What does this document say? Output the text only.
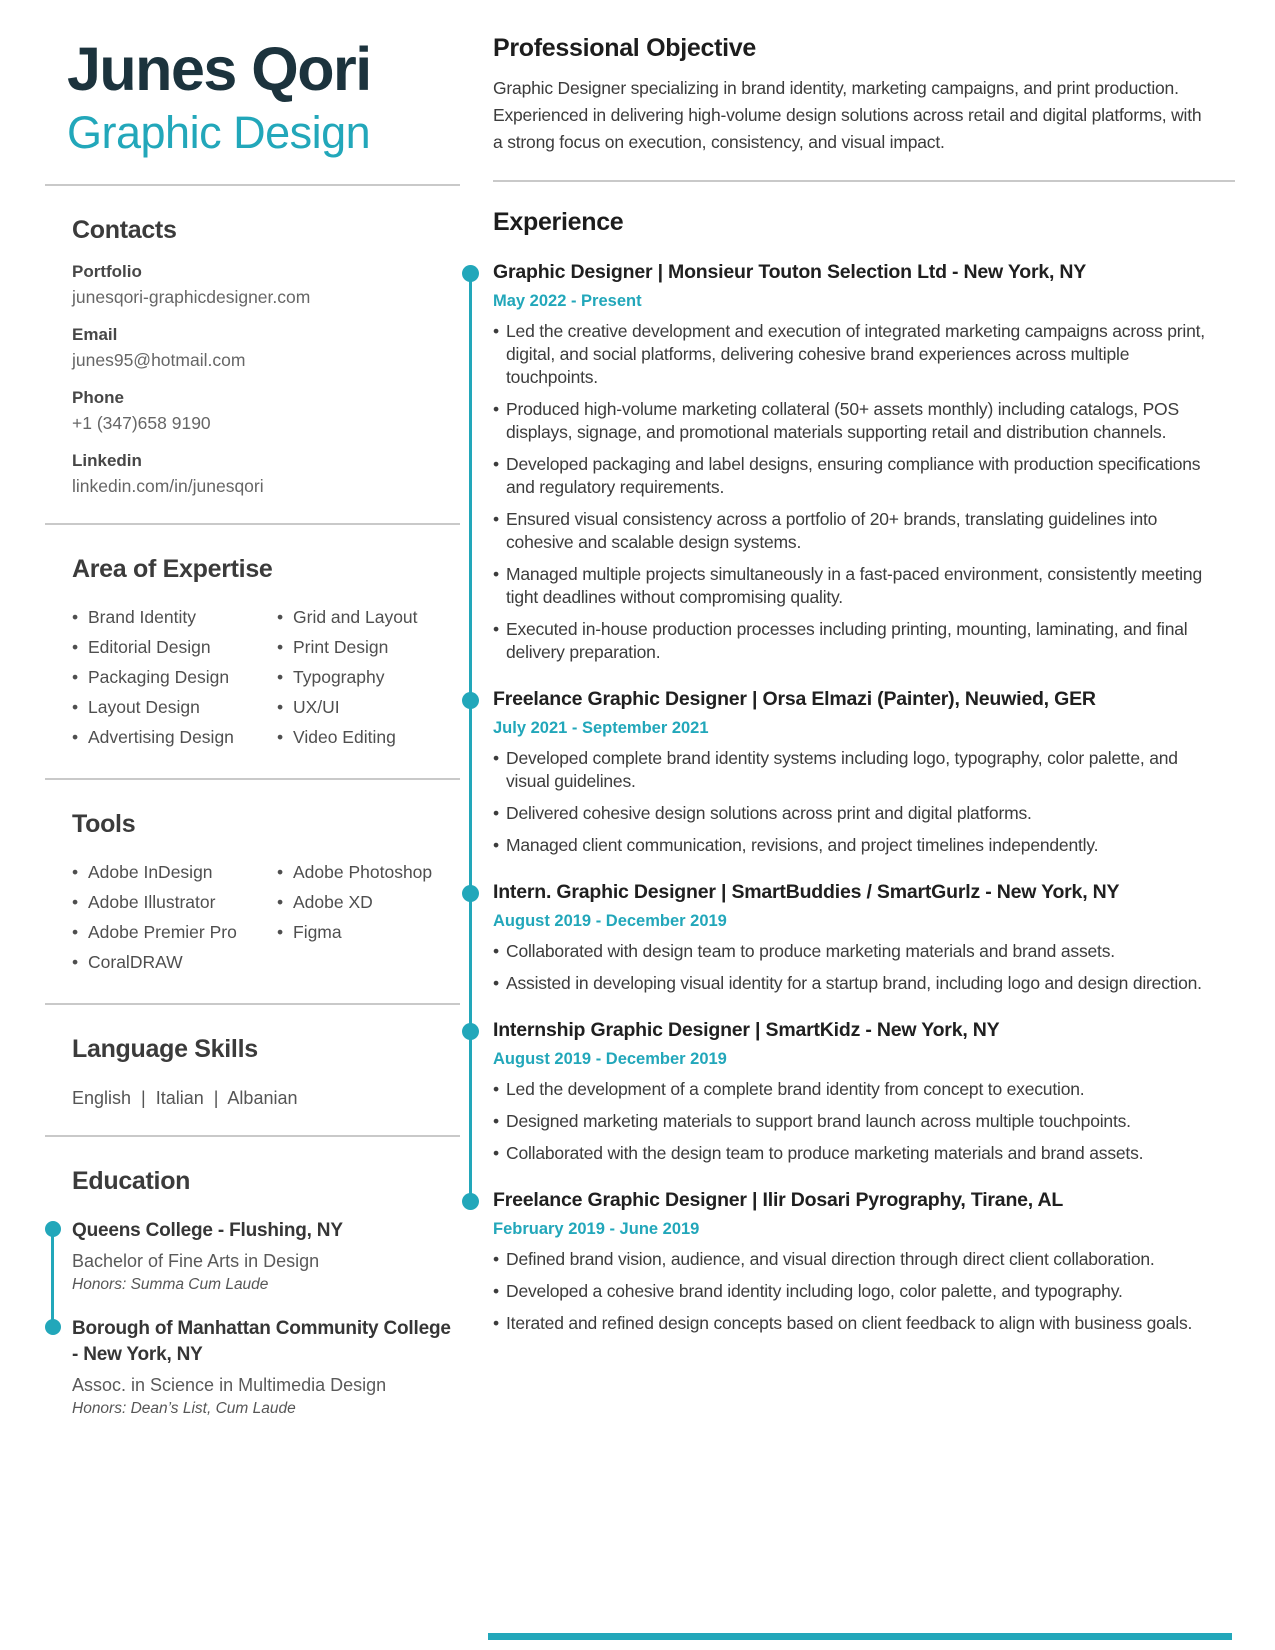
Junes Qori
Graphic Design
Contacts
Portfolio
junesqori-graphicdesigner.com
Email
junes95@hotmail.com
Phone
+1 (347)658 9190
Linkedin
linkedin.com/in/junesqori
Area of Expertise
• Brand Identity
• Editorial Design
• Packaging Design
• Layout Design
• Advertising Design
• Grid and Layout
• Print Design
• Typography
• UX/UI
• Video Editing
Tools
• Adobe InDesign
• Adobe Illustrator
• Adobe Premier Pro
• CoralDRAW
• Adobe Photoshop
• Adobe XD
• Figma
Language Skills
English | Italian | Albanian
Education
Queens College - Flushing, NY
Bachelor of Fine Arts in Design
Honors: Summa Cum Laude
Borough of Manhattan Community College - New York, NY
Assoc. in Science in Multimedia Design
Honors: Dean’s List, Cum Laude
Professional Objective
Graphic Designer specializing in brand identity, marketing campaigns, and print production. Experienced in delivering high-volume design solutions across retail and digital platforms, with a strong focus on execution, consistency, and visual impact.
Experience
Graphic Designer | Monsieur Touton Selection Ltd - New York, NY
May 2022 - Present
• Led the creative development and execution of integrated marketing campaigns across print, digital, and social platforms, delivering cohesive brand experiences across multiple touchpoints.
• Produced high-volume marketing collateral (50+ assets monthly) including catalogs, POS displays, signage, and promotional materials supporting retail and distribution channels.
• Developed packaging and label designs, ensuring compliance with production specifications and regulatory requirements.
• Ensured visual consistency across a portfolio of 20+ brands, translating guidelines into cohesive and scalable design systems.
• Managed multiple projects simultaneously in a fast-paced environment, consistently meeting tight deadlines without compromising quality.
• Executed in-house production processes including printing, mounting, laminating, and final delivery preparation.
Freelance Graphic Designer | Orsa Elmazi (Painter), Neuwied, GER
July 2021 - September 2021
• Developed complete brand identity systems including logo, typography, color palette, and visual guidelines.
• Delivered cohesive design solutions across print and digital platforms.
• Managed client communication, revisions, and project timelines independently.
Intern. Graphic Designer | SmartBuddies / SmartGurlz - New York, NY
August 2019 - December 2019
• Collaborated with design team to produce marketing materials and brand assets.
• Assisted in developing visual identity for a startup brand, including logo and design direction.
Internship Graphic Designer | SmartKidz - New York, NY
August 2019 - December 2019
• Led the development of a complete brand identity from concept to execution.
• Designed marketing materials to support brand launch across multiple touchpoints.
• Collaborated with the design team to produce marketing materials and brand assets.
Freelance Graphic Designer | Ilir Dosari Pyrography, Tirane, AL
February 2019 - June 2019
• Defined brand vision, audience, and visual direction through direct client collaboration.
• Developed a cohesive brand identity including logo, color palette, and typography.
• Iterated and refined design concepts based on client feedback to align with business goals.
